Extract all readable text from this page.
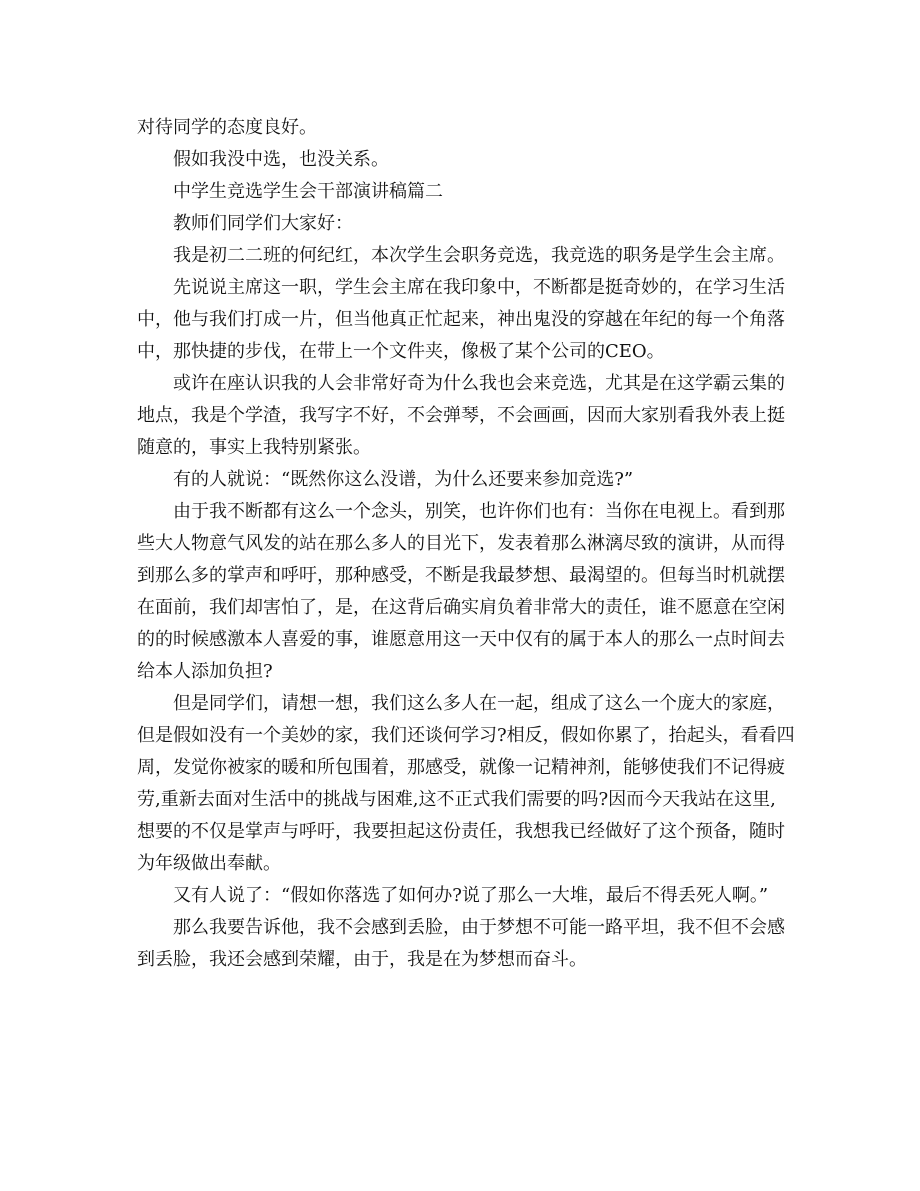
对待同学的态度良好。

假如我没中选，也没关系。

中学生竞选学生会干部演讲稿篇二

教师们同学们大家好：

我是初二二班的何纪红，本次学生会职务竞选，我竞选的职务是学生会主席。

先说说主席这一职，学生会主席在我印象中，不断都是挺奇妙的，在学习生活
中，他与我们打成一片，但当他真正忙起来，神出鬼没的穿越在年纪的每一个角落
中，那快捷的步伐，在带上一个文件夹，像极了某个公司的CEO。

或许在座认识我的人会非常好奇为什么我也会来竞选，尤其是在这学霸云集的
地点，我是个学渣，我写字不好，不会弹琴，不会画画，因而大家别看我外表上挺
随意的，事实上我特别紧张。

有的人就说：“既然你这么没谱，为什么还要来参加竞选?”

由于我不断都有这么一个念头，别笑，也许你们也有：当你在电视上。看到那
些大人物意气风发的站在那么多人的目光下，发表着那么淋漓尽致的演讲，从而得
到那么多的掌声和呼吁，那种感受，不断是我最梦想、最渴望的。但每当时机就摆
在面前，我们却害怕了，是，在这背后确实肩负着非常大的责任，谁不愿意在空闲
的的时候感激本人喜爱的事，谁愿意用这一天中仅有的属于本人的那么一点时间去
给本人添加负担?

但是同学们，请想一想，我们这么多人在一起，组成了这么一个庞大的家庭，
但是假如没有一个美妙的家，我们还谈何学习?相反，假如你累了，抬起头，看看四
周，发觉你被家的暖和所包围着，那感受，就像一记精神剂，能够使我们不记得疲
劳,重新去面对生活中的挑战与困难,这不正式我们需要的吗?因而今天我站在这里,
想要的不仅是掌声与呼吁，我要担起这份责任，我想我已经做好了这个预备，随时
为年级做出奉献。

又有人说了：“假如你落选了如何办?说了那么一大堆，最后不得丢死人啊。”

那么我要告诉他，我不会感到丢脸，由于梦想不可能一路平坦，我不但不会感
到丢脸，我还会感到荣耀，由于，我是在为梦想而奋斗。
